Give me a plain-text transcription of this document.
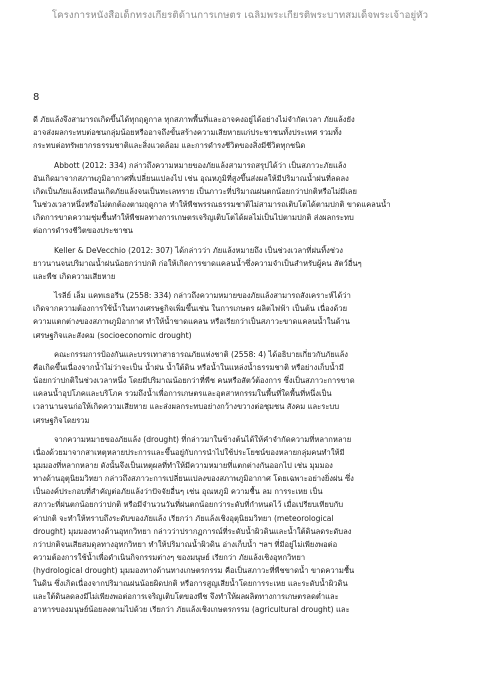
โครงการหนังสือเด็กทรงเกียรติด้านการเกษตร เฉลิมพระเกียรติพระบาทสมเด็จพระเจ้าอยู่หัว
8
ดี ภัยแล้งจึงสามารถเกิดขึ้นได้ทุกฤดูกาล ทุกสภาพพื้นที่และอาจคงอยู่ได้อย่างไม่จำกัดเวลา ภัยแล้งยัง
อาจส่งผลกระทบต่อชนกลุ่มน้อยหรืออาจถึงขั้นสร้างความเสียหายแก่ประชาชนทั้งประเทศ รวมทั้ง
กระทบต่อทรัพยากรธรรมชาติและสิ่งแวดล้อม และการดำรงชีวิตของสิ่งมีชีวิตทุกชนิด
Abbott (2012: 334) กล่าวถึงความหมายของภัยแล้งสามารถสรุปได้ว่า เป็นสภาวะภัยแล้ง
อันเกิดมาจากสภาพภูมิอากาศที่เปลี่ยนแปลงไป เช่น อุณหภูมิที่สูงขึ้นส่งผลให้มีปริมาณน้ำฝนที่ลดลง
เกิดเป็นภัยแล้งเหมือนเกิดภัยแล้งจนเป็นทะเลทราย เป็นภาวะที่ปริมาณฝนตกน้อยกว่าปกติหรือไม่มีเลย
ในช่วงเวลาหนึ่งหรือไม่ตกต้องตามฤดูกาล ทำให้พืชพรรณธรรมชาติไม่สามารถเติบโตได้ตามปกติ ขาดแคลนน้ำ
เกิดการขาดความชุ่มชื้นทำให้พืชผลทางการเกษตรเจริญเติบโตได้ผลไม่เป็นไปตามปกติ ส่งผลกระทบ
ต่อการดำรงชีวิตของประชาชน
Keller & DeVecchio (2012: 307) ได้กล่าวว่า ภัยแล้งหมายถึง เป็นช่วงเวลาที่ฝนทิ้งช่วง
ยาวนานจนปริมาณน้ำฝนน้อยกว่าปกติ ก่อให้เกิดการขาดแคลนน้ำซึ่งความจำเป็นสำหรับผู้คน สัตว์อื่นๆ
และพืช เกิดความเสียหาย
ไรลีย์ เล็ม แคทเธอรีน (2558: 334) กล่าวถึงความหมายของภัยแล้งสามารถสังเคราะห์ได้ว่า
เกิดจากความต้องการใช้น้ำในทางเศรษฐกิจเพิ่มขึ้นเช่น ในการเกษตร ผลิตไฟฟ้า เป็นต้น เนื่องด้วย
ความแตกต่างของสภาพภูมิอากาศ ทำให้น้ำขาดแคลน หรือเรียกว่าเป็นสภาวะขาดแคลนน้ำในด้าน
เศรษฐกิจและสังคม (socioeconomic drought)
คณะกรรมการป้องกันและบรรเทาสาธารณภัยแห่งชาติ (2558: 4) ได้อธิบายเกี่ยวกับภัยแล้ง
คือเกิดขึ้นเนื่องจากน้ำไม่ว่าจะเป็น น้ำฝน น้ำใต้ดิน หรือน้ำในแหล่งน้ำธรรมชาติ หรือย่างเก็บน้ำมี
น้อยกว่าปกติในช่วงเวลาหนึ่ง โดยมีปริมาณน้อยกว่าที่พืช คนหรือสัตว์ต้องการ ซึ่งเป็นสภาวะการขาด
แคลนน้ำอุปโภคและบริโภค รวมถึงน้ำเพื่อการเกษตรและอุตสาหกรรมในพื้นที่ใดพื้นที่หนึ่งเป็น
เวลานานจนก่อให้เกิดความเสียหาย และส่งผลกระทบอย่างกว้างขวางต่อชุมชน สังคม และระบบ
เศรษฐกิจโดยรวม
จากความหมายของภัยแล้ง (drought) ที่กล่าวมาในข้างต้นได้ให้คำจำกัดความที่หลากหลาย
เนื่องด้วยมาจากสาเหตุหลายประการและขึ้นอยู่กับการนำไปใช้ประโยชน์ของหลายกลุ่มคนทำให้มี
มุมมองที่หลากหลาย ดังนั้นจึงเป็นเหตุผลที่ทำให้มีความหมายที่แตกต่างกันออกไป เช่น มุมมอง
ทางด้านอุตุนิยมวิทยา กล่าวถึงสภาวะการเปลี่ยนแปลงของสภาพภูมิอากาศ โดยเฉพาะอย่างยิ่งฝน ซึ่ง
เป็นองค์ประกอบที่สำคัญต่อภัยแล้งว่าปัจจัยอื่นๆ เช่น อุณหภูมิ ความชื้น ลม การระเหย เป็น
สภาวะที่ฝนตกน้อยกว่าปกติ หรือมีจำนวนวันที่ฝนตกน้อยกว่าระดับที่กำหนดไว้ เมื่อเปรียบเทียบกับ
ค่าปกติ จะทำให้ทราบถึงระดับของภัยแล้ง เรียกว่า ภัยแล้งเชิงอุตุนิยมวิทยา (meteorological
drought) มุมมองทางด้านอุทกวิทยา กล่าวว่าปรากฏการณ์ที่ระดับน้ำผิวดินและน้ำใต้ดินลดระดับลง
กว่าปกติจนเสียสมดุลทางอุทกวิทยา ทำให้ปริมาณน้ำผิวดิน อ่างเก็บน้ำ ฯลฯ ที่มีอยู่ไม่เพียงพอต่อ
ความต้องการใช้น้ำเพื่อดำเนินกิจกรรมต่างๆ ของมนุษย์ เรียกว่า ภัยแล้งเชิงอุทกวิทยา
(hydrological drought) มุมมองทางด้านทางเกษตรกรรม คือเป็นสภาวะที่พืชขาดน้ำ ขาดความชื้น
ในดิน ซึ่งเกิดเนื่องจากปริมาณฝนน้อยผิดปกติ หรือการสูญเสียน้ำโดยการระเหย และระดับน้ำผิวดิน
และใต้ดินลดลงมีไม่เพียงพอต่อการเจริญเติบโตของพืช จึงทำให้ผลผลิตทางการเกษตรลดต่ำและ
อาหารของมนุษย์น้อยลงตามไปด้วย เรียกว่า ภัยแล้งเชิงเกษตรกรรม (agricultural drought) และ
